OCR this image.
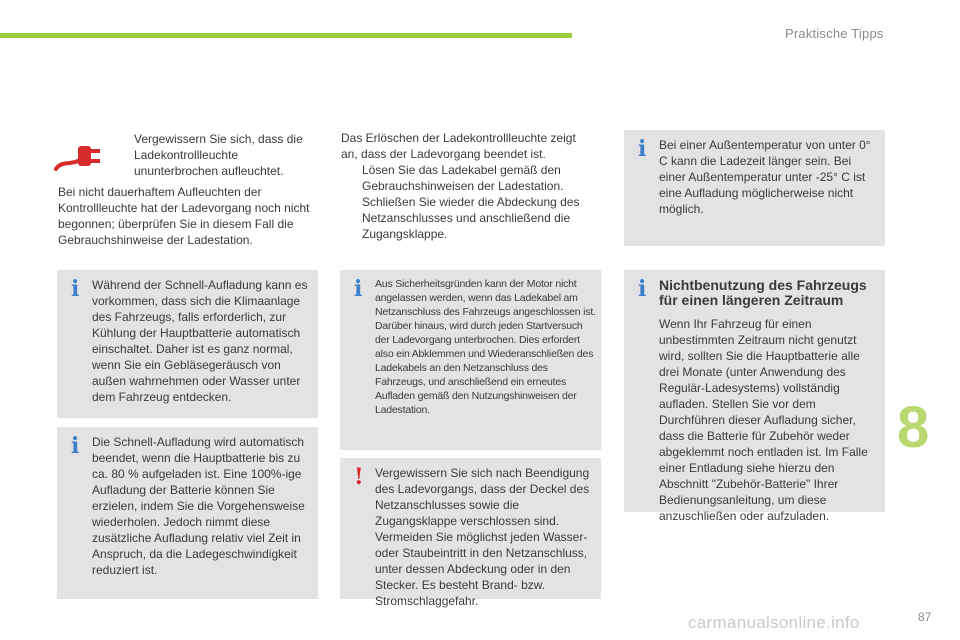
Praktische Tipps
8
Vergewissern Sie sich, dass die Ladekontrollleuchte ununterbrochen aufleuchtet.
Bei nicht dauerhaftem Aufleuchten der Kontrollleuchte hat der Ladevorgang noch nicht begonnen; überprüfen Sie in diesem Fall die Gebrauchshinweise der Ladestation.
i Während der Schnell-Aufladung kann es vorkommen, dass sich die Klimaanlage des Fahrzeugs, falls erforderlich, zur Kühlung der Hauptbatterie automatisch einschaltet. Daher ist es ganz normal, wenn Sie ein Gebläsegeräusch von außen wahrnehmen oder Wasser unter dem Fahrzeug entdecken.
i Die Schnell-Aufladung wird automatisch beendet, wenn die Hauptbatterie bis zu ca. 80 % aufgeladen ist. Eine 100%-ige Aufladung der Batterie können Sie erzielen, indem Sie die Vorgehensweise wiederholen. Jedoch nimmt diese zusätzliche Aufladung relativ viel Zeit in Anspruch, da die Ladegeschwindigkeit reduziert ist.
Das Erlöschen der Ladekontrollleuchte zeigt an, dass der Ladevorgang beendet ist.
Lösen Sie das Ladekabel gemäß den Gebrauchshinweisen der Ladestation.
Schließen Sie wieder die Abdeckung des Netzanschlusses und anschließend die Zugangsklappe.
i Aus Sicherheitsgründen kann der Motor nicht angelassen werden, wenn das Ladekabel am Netzanschluss des Fahrzeugs angeschlossen ist. Darüber hinaus, wird durch jeden Startversuch der Ladevorgang unterbrochen. Dies erfordert also ein Abklemmen und Wiederanschließen des Ladekabels an den Netzanschluss des Fahrzeugs, und anschließend ein erneutes Aufladen gemäß den Nutzungshinweisen der Ladestation.
! Vergewissern Sie sich nach Beendigung des Ladevorgangs, dass der Deckel des Netzanschlusses sowie die Zugangsklappe verschlossen sind. Vermeiden Sie möglichst jeden Wasser- oder Staubeintritt in den Netzanschluss, unter dessen Abdeckung oder in den Stecker. Es besteht Brand- bzw. Stromschlaggefahr.
i Bei einer Außentemperatur von unter 0° C kann die Ladezeit länger sein. Bei einer Außentemperatur unter -25° C ist eine Aufladung möglicherweise nicht möglich.
i Nichtbenutzung des Fahrzeugs für einen längeren Zeitraum

Wenn Ihr Fahrzeug für einen unbestimmten Zeitraum nicht genutzt wird, sollten Sie die Hauptbatterie alle drei Monate (unter Anwendung des Regulär-Ladesystems) vollständig aufladen. Stellen Sie vor dem Durchführen dieser Aufladung sicher, dass die Batterie für Zubehör weder abgeklemmt noch entladen ist. Im Falle einer Entladung siehe hierzu den Abschnitt "Zubehör-Batterie" Ihrer Bedienungsanleitung, um diese anzuschließen oder aufzuladen.

carmanualsonline.info	87
